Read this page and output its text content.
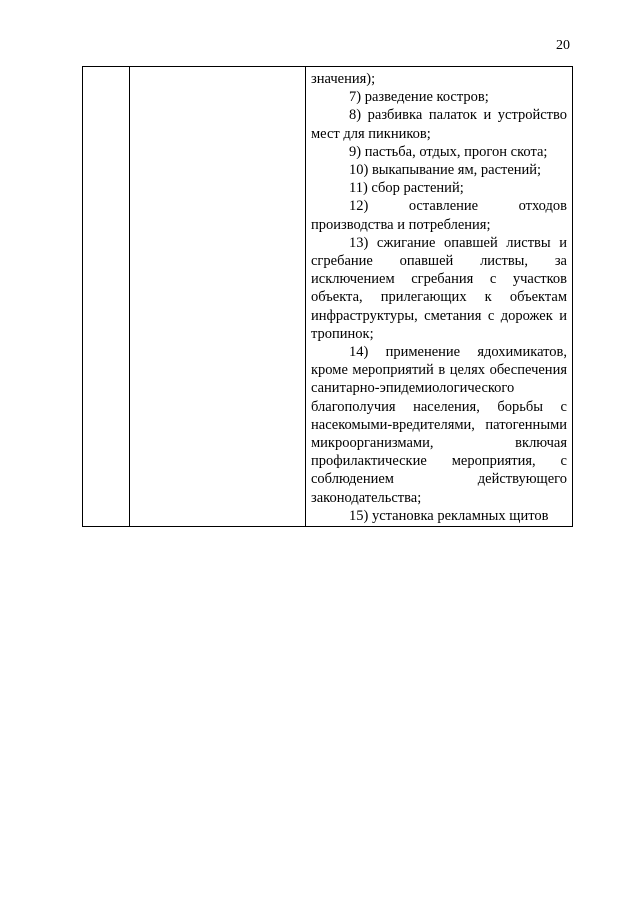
20

значения);

7) разведение костров;

8) разбивка палаток и устройство мест для пикников;

9) пастьба, отдых, прогон скота;

10) выкапывание ям, растений;

11) сбор растений;

12) оставление отходов производства и потребления;

13) сжигание опавшей листвы и сгребание опавшей листвы, за исключением сгребания с участков объекта, прилегающих к объектам инфраструктуры, сметания с дорожек и тропинок;

14) применение ядохимикатов, кроме мероприятий в целях обеспечения санитарно-эпидемиологического благополучия населения, борьбы с насекомыми-вредителями, патогенными микроорганизмами, включая профилактические мероприятия, с соблюдением действующего законодательства;

15) установка рекламных щитов
